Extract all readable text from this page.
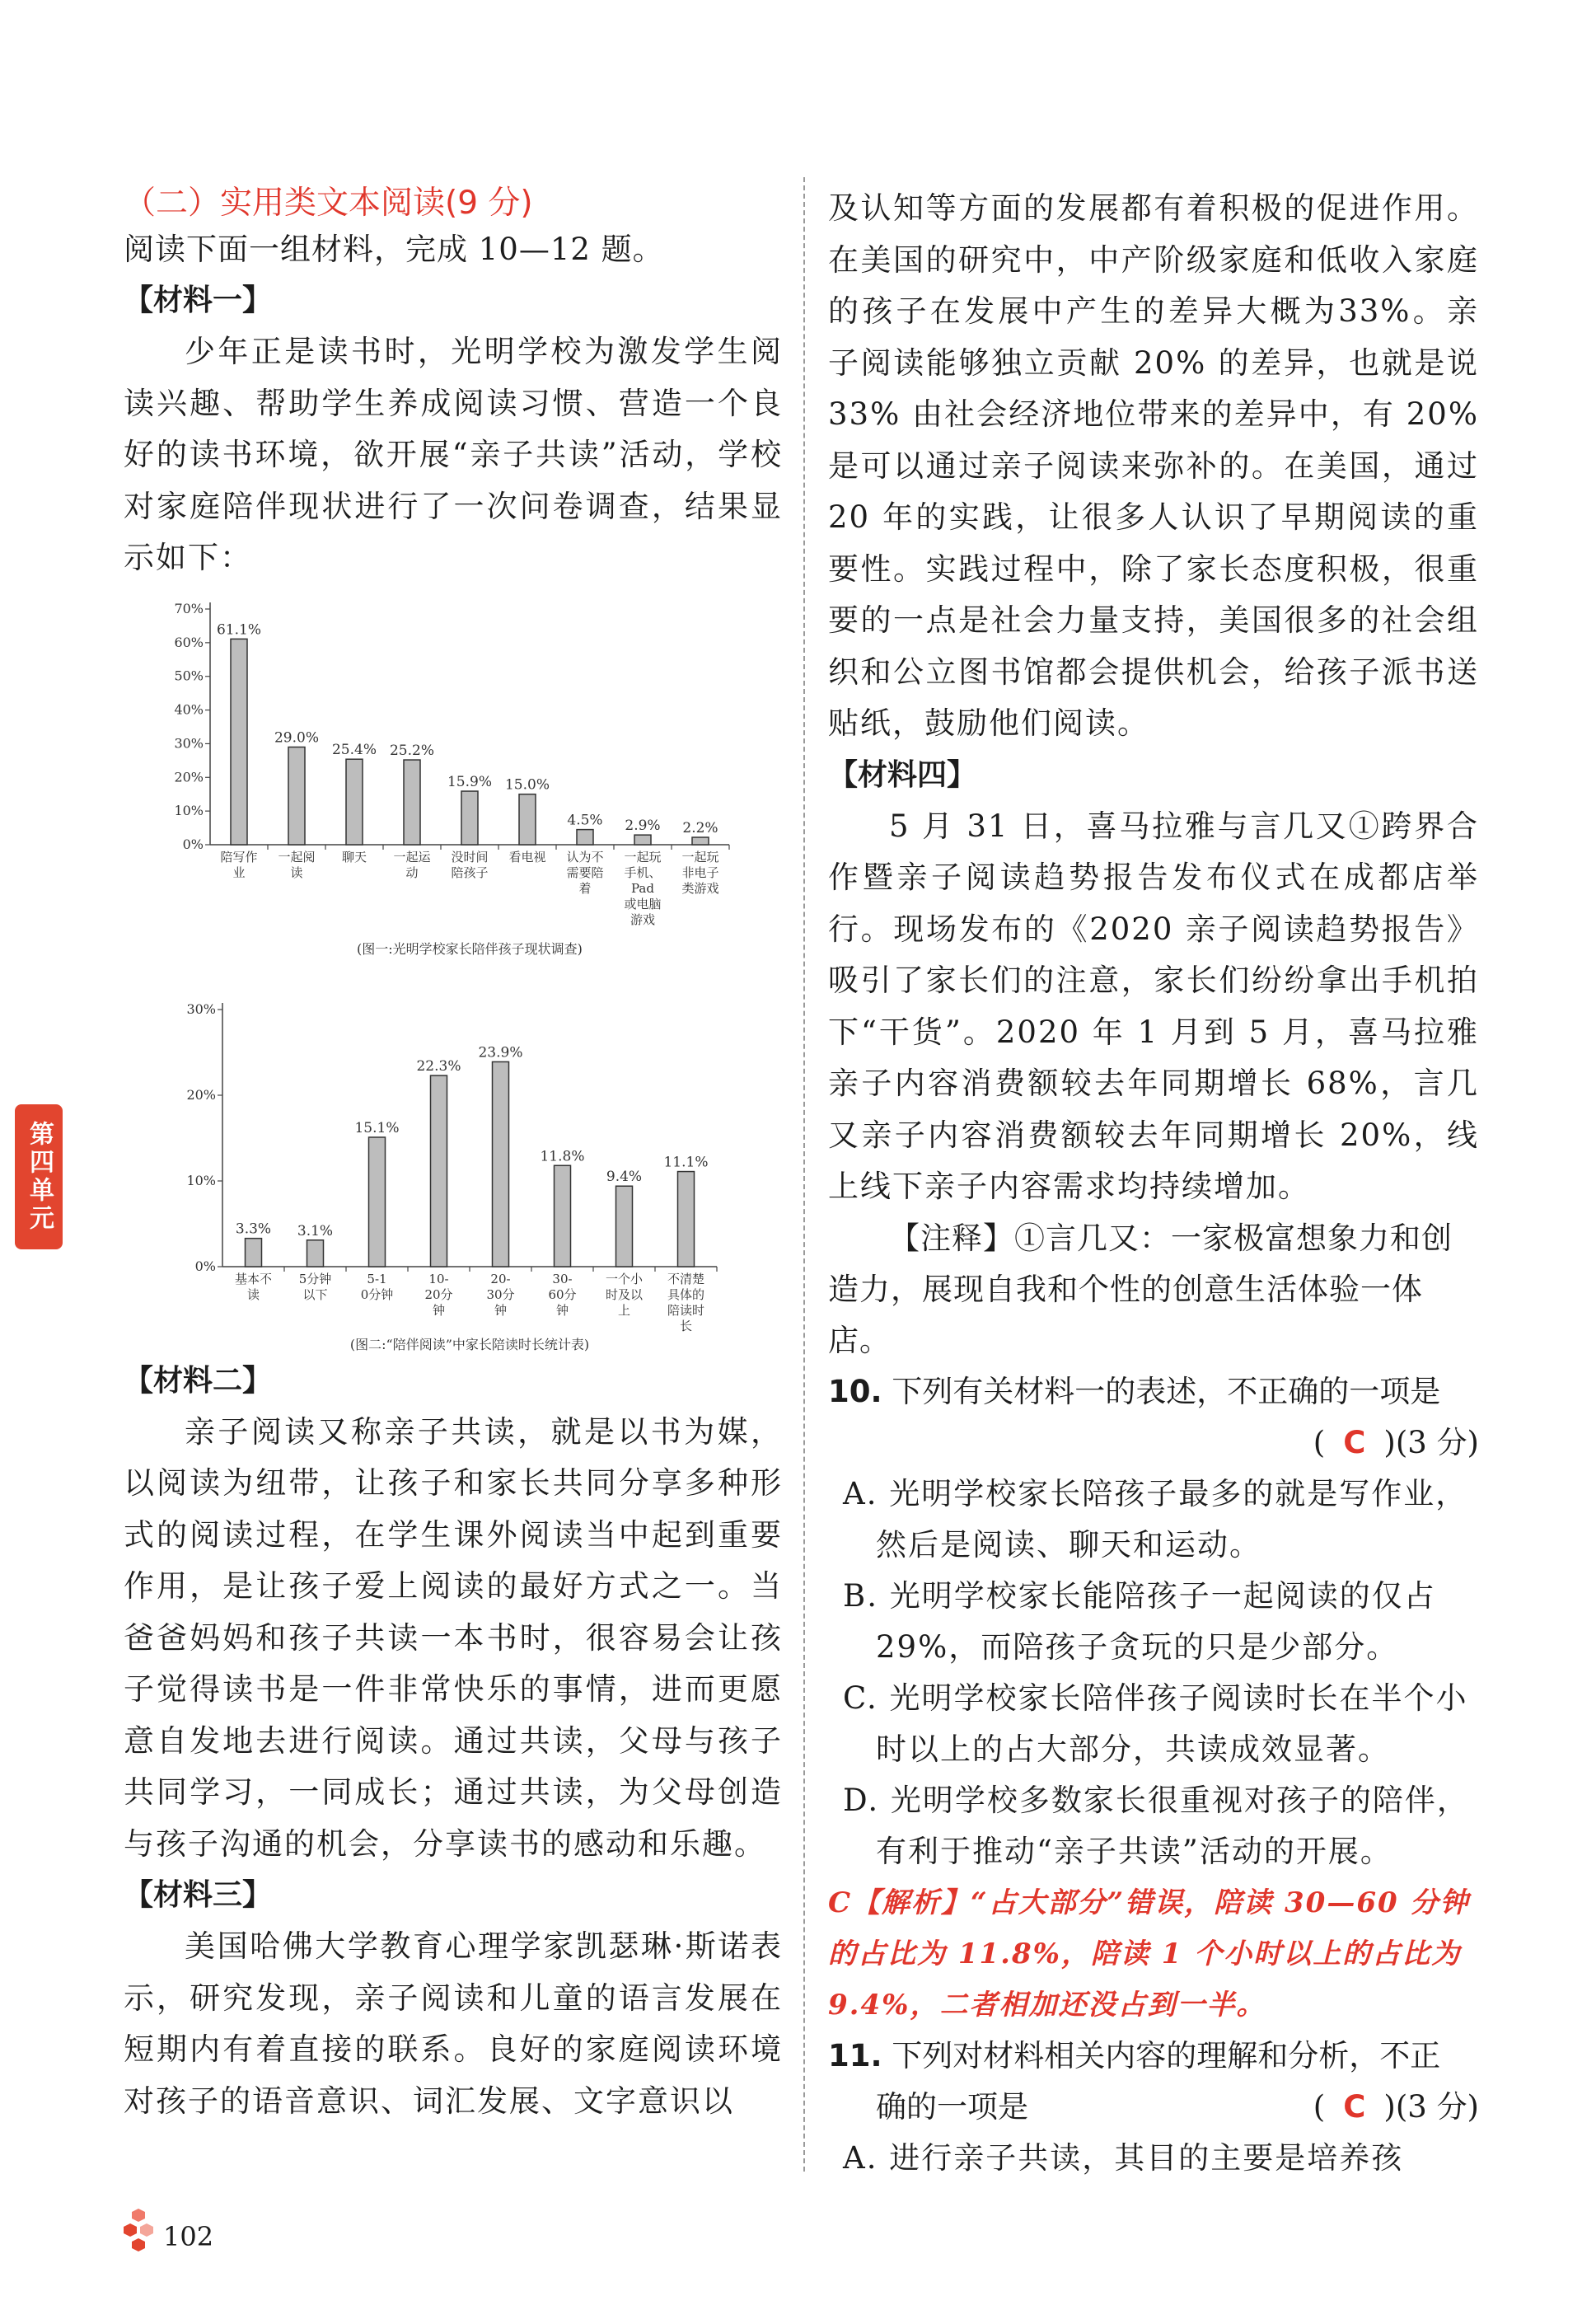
（二）实用类文本阅读(9 分)
阅读下面一组材料，完成 10—12 题。
【材料一】

少年正是读书时，光明学校为激发学生阅读兴趣、帮助学生养成阅读习惯、营造一个良好的读书环境，欲开展“亲子共读”活动，学校对家庭陪伴现状进行了一次问卷调查，结果显示如下：

0%
10%
20%
30%
40%
50%
60%
70%
61.1%
陪写作业
29.0%
一起阅读
25.4%
聊天
25.2%
一起运动
15.9%
没时间陪孩子
15.0%
看电视
4.5%
认为不需要陪着
2.9%
一起玩手机、 Pad 或电脑游戏
2.2%
一起玩非电子类游戏
(图一:光明学校家长陪伴孩子现状调查)
0%
10%
20%
30%
3.3%
基本不读
3.1%
5分钟以下
15.1%
5-1 0分钟
22.3%
10-20分钟
23.9%
20-30分钟
11.8%
30-60分钟
9.4%
一个小时及以上
11.1%
不清楚具体的陪读时长
(图二:“陪伴阅读”中家长陪读时长统计表)
【材料二】

亲子阅读又称亲子共读，就是以书为媒，以阅读为纽带，让孩子和家长共同分享多种形式的阅读过程，在学生课外阅读当中起到重要作用，是让孩子爱上阅读的最好方式之一。当爸爸妈妈和孩子共读一本书时，很容易会让孩子觉得读书是一件非常快乐的事情，进而更愿意自发地去进行阅读。通过共读，父母与孩子共同学习，一同成长；通过共读，为父母创造与孩子沟通的机会，分享读书的感动和乐趣。

【材料三】

美国哈佛大学教育心理学家凯瑟琳·斯诺表示，研究发现，亲子阅读和儿童的语言发展在短期内有着直接的联系。良好的家庭阅读环境对孩子的语音意识、词汇发展、文字意识以

及认知等方面的发展都有着积极的促进作用。在美国的研究中，中产阶级家庭和低收入家庭的孩子在发展中产生的差异大概为33%。亲子阅读能够独立贡献 20% 的差异，也就是说 33% 由社会经济地位带来的差异中，有 20% 是可以通过亲子阅读来弥补的。在美国，通过 20 年的实践，让很多人认识了早期阅读的重要性。实践过程中，除了家长态度积极，很重要的一点是社会力量支持，美国很多的社会组织和公立图书馆都会提供机会，给孩子派书送贴纸，鼓励他们阅读。

【材料四】

5 月 31 日，喜马拉雅与言几又①跨界合作暨亲子阅读趋势报告发布仪式在成都店举行。现场发布的《2020 亲子阅读趋势报告》吸引了家长们的注意，家长们纷纷拿出手机拍下“干货”。2020 年 1 月到 5 月，喜马拉雅亲子内容消费额较去年同期增长 68%，言几又亲子内容消费额较去年同期增长 20%，线上线下亲子内容需求均持续增加。

【注释】①言几又：一家极富想象力和创造力，展现自我和个性的创意生活体验一体店。

10. 下列有关材料一的表述，不正确的一项是

( C )(3 分)

A. 光明学校家长陪孩子最多的就是写作业，然后是阅读、聊天和运动。

B. 光明学校家长能陪孩子一起阅读的仅占 29%，而陪孩子贪玩的只是少部分。

C. 光明学校家长陪伴孩子阅读时长在半个小时以上的占大部分，共读成效显著。

D. 光明学校多数家长很重视对孩子的陪伴，有利于推动“亲子共读”活动的开展。

C【解析】“占大部分”错误，陪读 30—60 分钟的占比为 11.8%，陪读 1 个小时以上的占比为 9.4%，二者相加还没占到一半。

11. 下列对材料相关内容的理解和分析，不正

确的一项是	( C )(3 分)

A. 进行亲子共读，其目的主要是培养孩

第四单元
102
